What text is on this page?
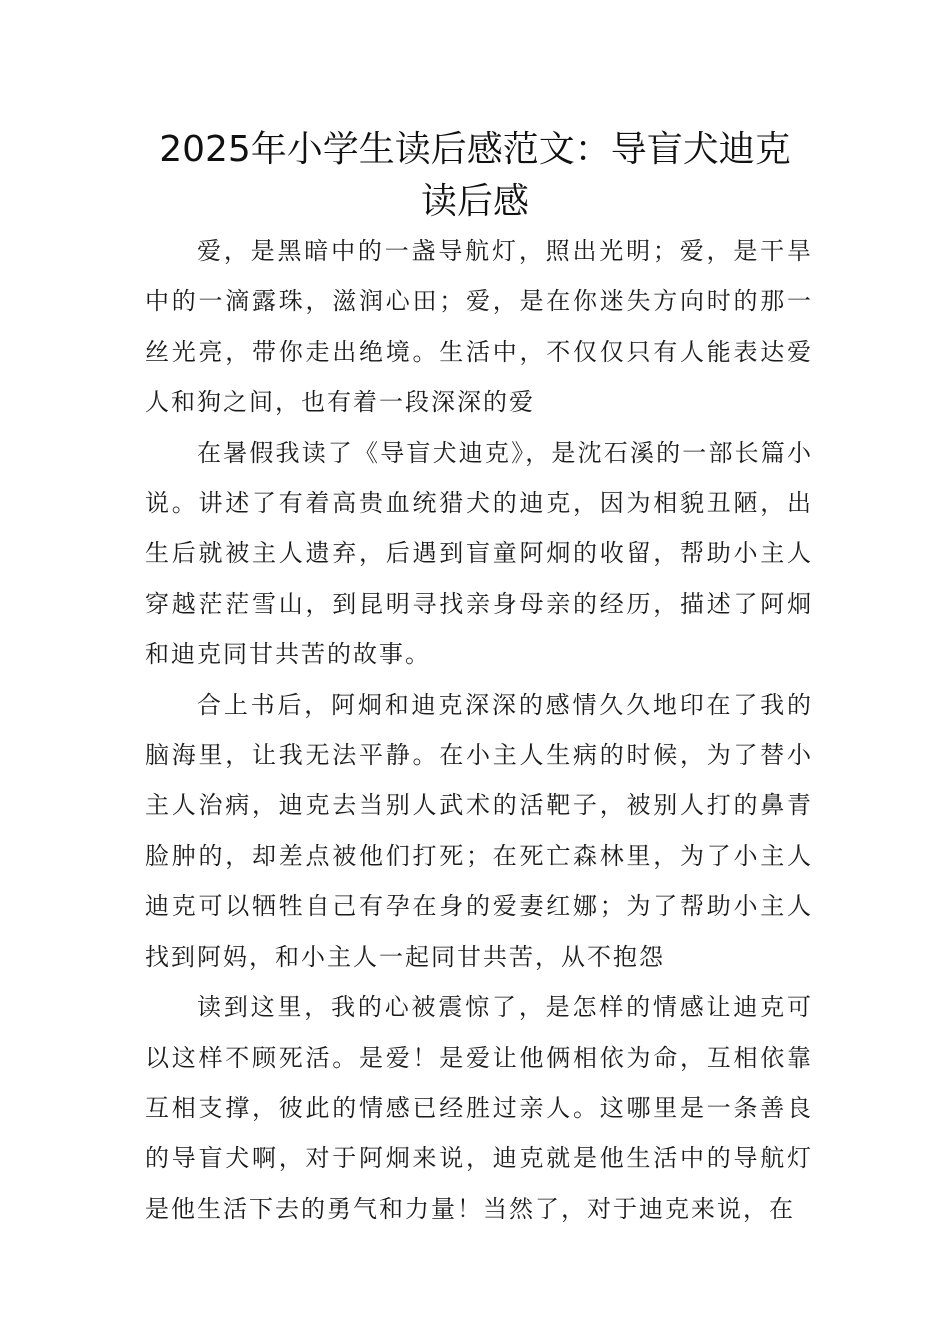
2025年小学生读后感范文：导盲犬迪克读后感

爱，是黑暗中的一盏导航灯，照出光明；爱，是干旱中的一滴露珠，滋润心田；爱，是在你迷失方向时的那一丝光亮，带你走出绝境。生活中，不仅仅只有人能表达爱人和狗之间，也有着一段深深的爱

在暑假我读了《导盲犬迪克》，是沈石溪的一部长篇小说。讲述了有着高贵血统猎犬的迪克，因为相貌丑陋，出生后就被主人遗弃，后遇到盲童阿炯的收留，帮助小主人穿越茫茫雪山，到昆明寻找亲身母亲的经历，描述了阿炯和迪克同甘共苦的故事。

合上书后，阿炯和迪克深深的感情久久地印在了我的脑海里，让我无法平静。在小主人生病的时候，为了替小主人治病，迪克去当别人武术的活靶子，被别人打的鼻青脸肿的，却差点被他们打死；在死亡森林里，为了小主人迪克可以牺牲自己有孕在身的爱妻红娜；为了帮助小主人找到阿妈，和小主人一起同甘共苦，从不抱怨

读到这里，我的心被震惊了，是怎样的情感让迪克可以这样不顾死活。是爱！是爱让他俩相依为命，互相依靠互相支撑，彼此的情感已经胜过亲人。这哪里是一条善良的导盲犬啊，对于阿炯来说，迪克就是他生活中的导航灯是他生活下去的勇气和力量！当然了，对于迪克来说，在
